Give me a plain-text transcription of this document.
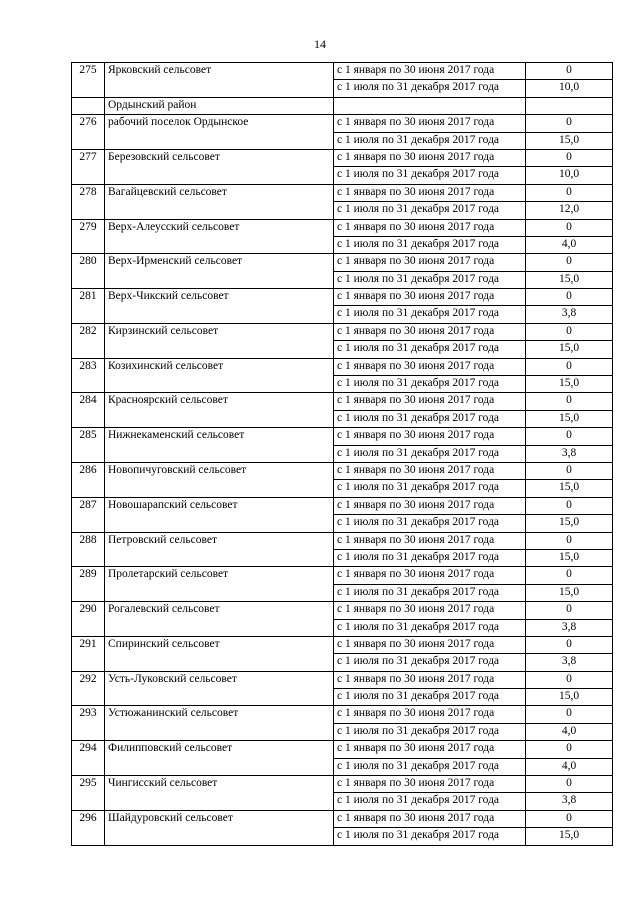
14
275	Ярковский сельсовет	с 1 января по 30 июня 2017 года	0
		с 1 июля по 31 декабря 2017 года	10,0
	Ордынский район		
276	рабочий поселок Ордынское	с 1 января по 30 июня 2017 года	0
		с 1 июля по 31 декабря 2017 года	15,0
277	Березовский сельсовет	с 1 января по 30 июня 2017 года	0
		с 1 июля по 31 декабря 2017 года	10,0
278	Вагайцевский сельсовет	с 1 января по 30 июня 2017 года	0
		с 1 июля по 31 декабря 2017 года	12,0
279	Верх-Алеусский сельсовет	с 1 января по 30 июня 2017 года	0
		с 1 июля по 31 декабря 2017 года	4,0
280	Верх-Ирменский сельсовет	с 1 января по 30 июня 2017 года	0
		с 1 июля по 31 декабря 2017 года	15,0
281	Верх-Чикский сельсовет	с 1 января по 30 июня 2017 года	0
		с 1 июля по 31 декабря 2017 года	3,8
282	Кирзинский сельсовет	с 1 января по 30 июня 2017 года	0
		с 1 июля по 31 декабря 2017 года	15,0
283	Козихинский сельсовет	с 1 января по 30 июня 2017 года	0
		с 1 июля по 31 декабря 2017 года	15,0
284	Красноярский сельсовет	с 1 января по 30 июня 2017 года	0
		с 1 июля по 31 декабря 2017 года	15,0
285	Нижнекаменский сельсовет	с 1 января по 30 июня 2017 года	0
		с 1 июля по 31 декабря 2017 года	3,8
286	Новопичуговский сельсовет	с 1 января по 30 июня 2017 года	0
		с 1 июля по 31 декабря 2017 года	15,0
287	Новошарапский сельсовет	с 1 января по 30 июня 2017 года	0
		с 1 июля по 31 декабря 2017 года	15,0
288	Петровский сельсовет	с 1 января по 30 июня 2017 года	0
		с 1 июля по 31 декабря 2017 года	15,0
289	Пролетарский сельсовет	с 1 января по 30 июня 2017 года	0
		с 1 июля по 31 декабря 2017 года	15,0
290	Рогалевский сельсовет	с 1 января по 30 июня 2017 года	0
		с 1 июля по 31 декабря 2017 года	3,8
291	Спиринский сельсовет	с 1 января по 30 июня 2017 года	0
		с 1 июля по 31 декабря 2017 года	3,8
292	Усть-Луковский сельсовет	с 1 января по 30 июня 2017 года	0
		с 1 июля по 31 декабря 2017 года	15,0
293	Устюжанинский сельсовет	с 1 января по 30 июня 2017 года	0
		с 1 июля по 31 декабря 2017 года	4,0
294	Филипповский сельсовет	с 1 января по 30 июня 2017 года	0
		с 1 июля по 31 декабря 2017 года	4,0
295	Чингисский сельсовет	с 1 января по 30 июня 2017 года	0
		с 1 июля по 31 декабря 2017 года	3,8
296	Шайдуровский сельсовет	с 1 января по 30 июня 2017 года	0
		с 1 июля по 31 декабря 2017 года	15,0
